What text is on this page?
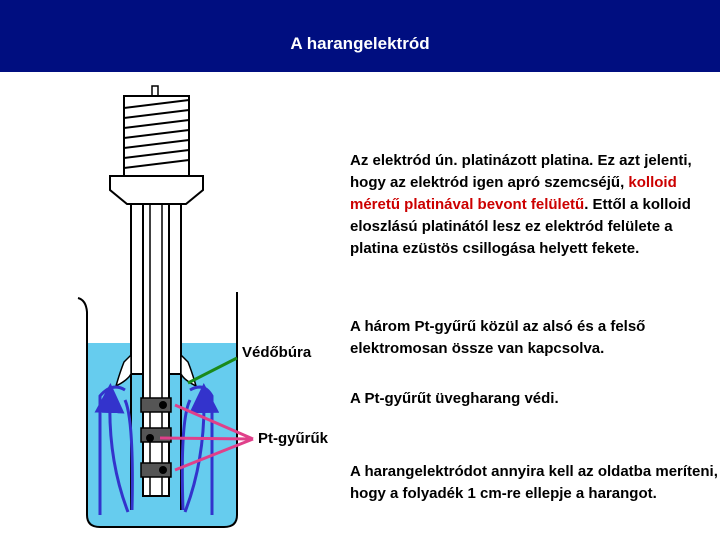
A harangelektród
Védőbúra
Pt-gyűrűk
Az elektród ún. platinázott platina. Ez azt jelenti, hogy az elektród igen apró szemcséjű, kolloid méretű platinával bevont felületű. Ettől a kolloid eloszlású platinától lesz ez elektród felülete a platina ezüstös csillogása helyett fekete.
A három Pt-gyűrű közül az alsó és a felső elektromosan össze van kapcsolva.
A Pt-gyűrűt üvegharang védi.
A harangelektródot annyira kell az oldatba meríteni, hogy a folyadék 1 cm-re ellepje a harangot.
